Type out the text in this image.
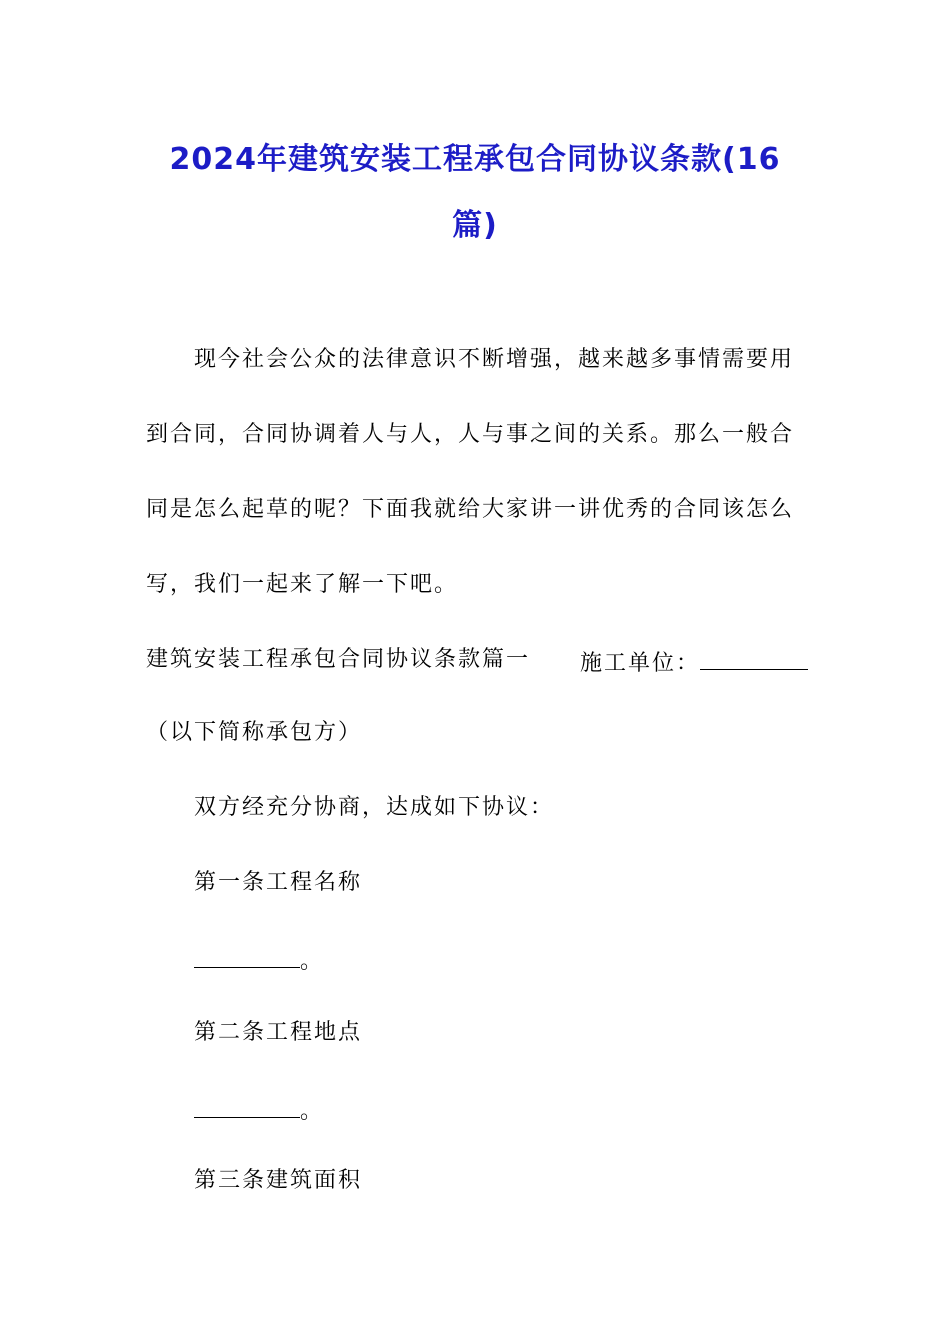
2024年建筑安装工程承包合同协议条款(16
篇)
现今社会公众的法律意识不断增强，越来越多事情需要用
到合同，合同协调着人与人，人与事之间的关系。那么一般合
同是怎么起草的呢？下面我就给大家讲一讲优秀的合同该怎么
写，我们一起来了解一下吧。
建筑安装工程承包合同协议条款篇一 施工单位：
（以下简称承包方）
双方经充分协商，达成如下协议：
第一条工程名称
。
第二条工程地点
。
第三条建筑面积
